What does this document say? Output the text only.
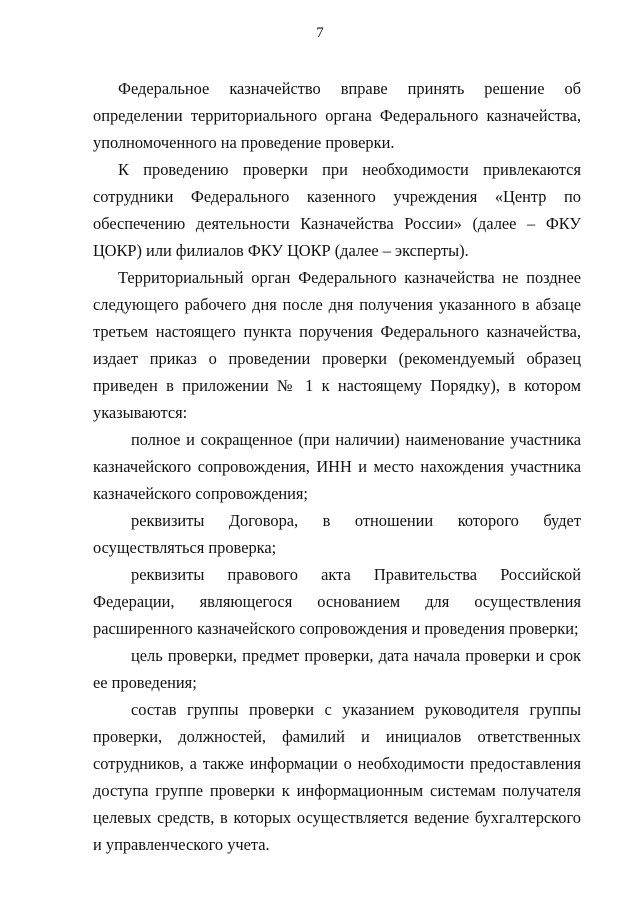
7

Федеральное казначейство вправе принять решение об определении территориального органа Федерального казначейства, уполномоченного на проведение проверки.

К проведению проверки при необходимости привлекаются сотрудники Федерального казенного учреждения «Центр по обеспечению деятельности Казначейства России» (далее – ФКУ ЦОКР) или филиалов ФКУ ЦОКР (далее – эксперты).

Территориальный орган Федерального казначейства не позднее следующего рабочего дня после дня получения указанного в абзаце третьем настоящего пункта поручения Федерального казначейства, издает приказ о проведении проверки (рекомендуемый образец приведен в приложении № 1 к настоящему Порядку), в котором указываются:

полное и сокращенное (при наличии) наименование участника казначейского сопровождения, ИНН и место нахождения участника казначейского сопровождения;

реквизиты Договора, в отношении которого будет осуществляться проверка;

реквизиты правового акта Правительства Российской Федерации, являющегося основанием для осуществления расширенного казначейского сопровождения и проведения проверки;

цель проверки, предмет проверки, дата начала проверки и срок ее проведения;

состав группы проверки с указанием руководителя группы проверки, должностей, фамилий и инициалов ответственных сотрудников, а также информации о необходимости предоставления доступа группе проверки к информационным системам получателя целевых средств, в которых осуществляется ведение бухгалтерского и управленческого учета.
